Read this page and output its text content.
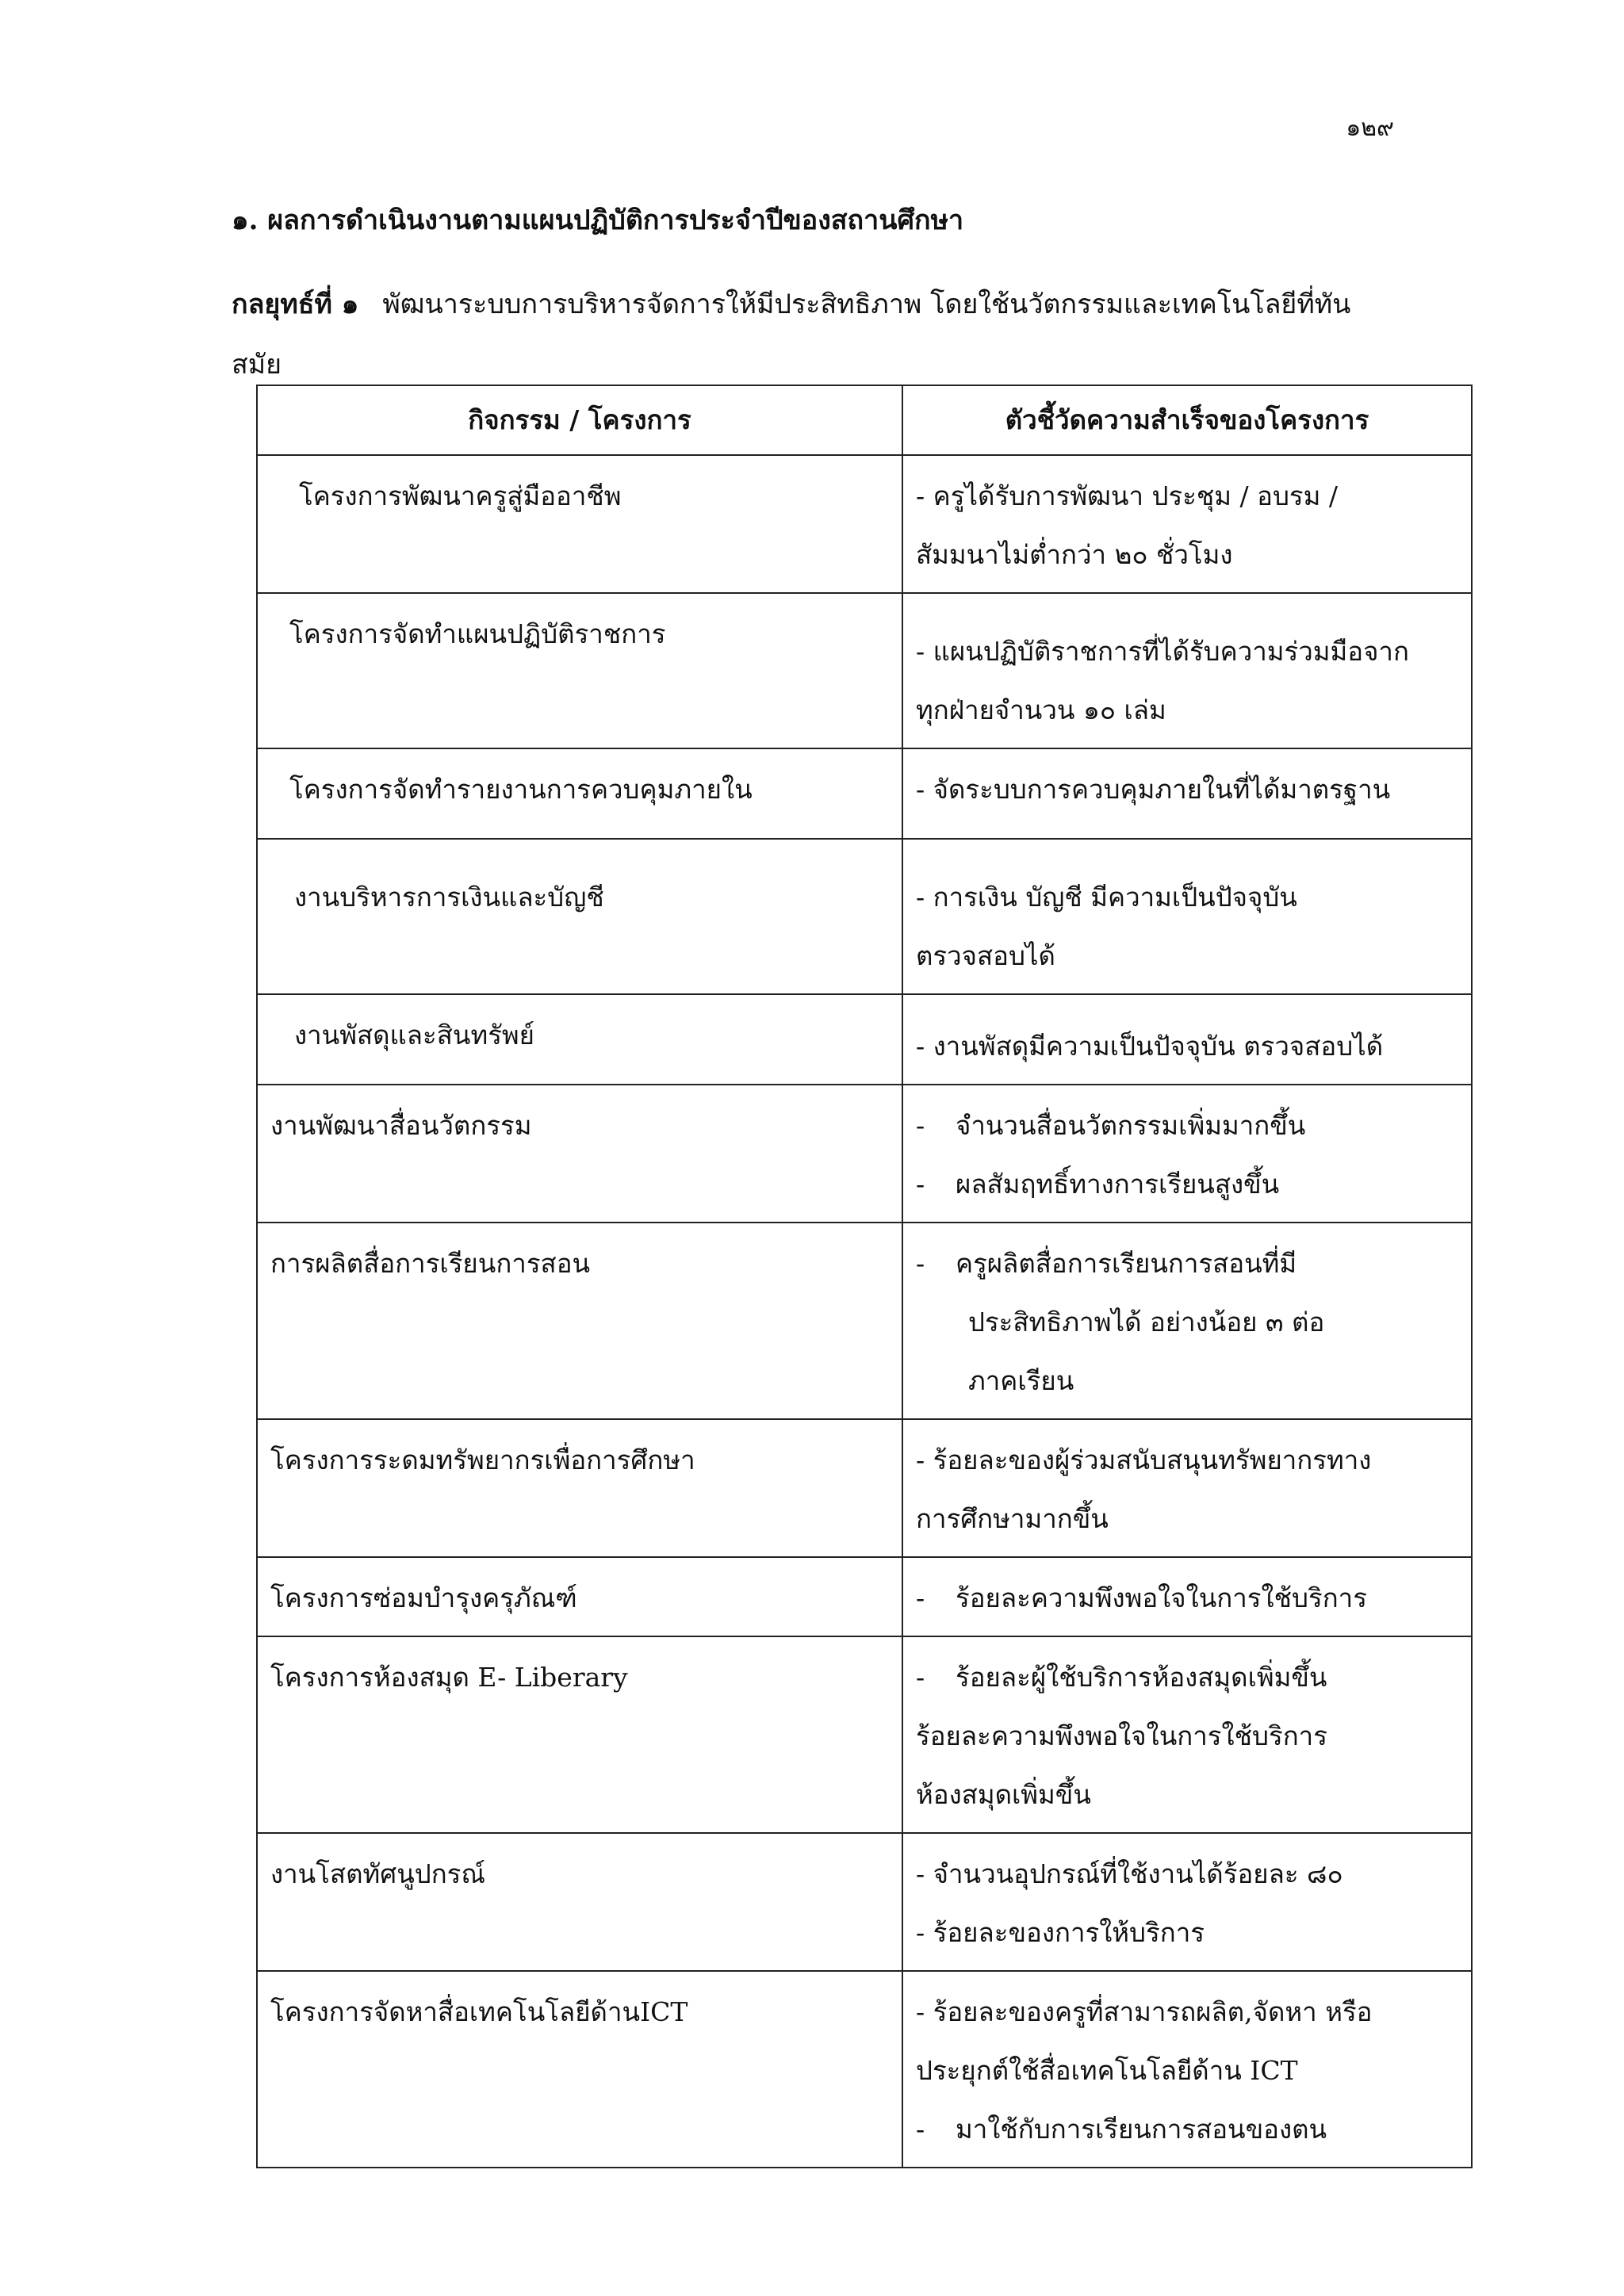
๑๒๙
๑. ผลการดำเนินงานตามแผนปฏิบัติการประจำปีของสถานศึกษา
กลยุทธ์ที่ ๑ พัฒนาระบบการบริหารจัดการให้มีประสิทธิภาพ โดยใช้นวัตกรรมและเทคโนโลยีที่ทันสมัย
กิจกรรม / โครงการ	ตัวชี้วัดความสำเร็จของโครงการ

โครงการพัฒนาครูสู่มืออาชีพ	- ครูได้รับการพัฒนา ประชุม / อบรม /
สัมมนาไม่ต่ำกว่า ๒๐ ชั่วโมง

โครงการจัดทำแผนปฏิบัติราชการ	- แผนปฏิบัติราชการที่ได้รับความร่วมมือจาก
ทุกฝ่ายจำนวน ๑๐ เล่ม

โครงการจัดทำรายงานการควบคุมภายใน	- จัดระบบการควบคุมภายในที่ได้มาตรฐาน

งานบริหารการเงินและบัญชี	- การเงิน บัญชี มีความเป็นปัจจุบัน
ตรวจสอบได้

งานพัสดุและสินทรัพย์	- งานพัสดุมีความเป็นปัจจุบัน ตรวจสอบได้

งานพัฒนาสื่อนวัตกรรม	- จำนวนสื่อนวัตกรรมเพิ่มมากขึ้น
- ผลสัมฤทธิ์ทางการเรียนสูงขึ้น

การผลิตสื่อการเรียนการสอน	- ครูผลิตสื่อการเรียนการสอนที่มี
ประสิทธิภาพได้ อย่างน้อย ๓ ต่อ
ภาคเรียน

โครงการระดมทรัพยากรเพื่อการศึกษา	- ร้อยละของผู้ร่วมสนับสนุนทรัพยากรทาง
การศึกษามากขึ้น

โครงการซ่อมบำรุงครุภัณฑ์	- ร้อยละความพึงพอใจในการใช้บริการ

โครงการห้องสมุด E- Liberary	- ร้อยละผู้ใช้บริการห้องสมุดเพิ่มขึ้น
ร้อยละความพึงพอใจในการใช้บริการ
ห้องสมุดเพิ่มขึ้น

งานโสตทัศนูปกรณ์	- จำนวนอุปกรณ์ที่ใช้งานได้ร้อยละ ๘๐
- ร้อยละของการให้บริการ

โครงการจัดหาสื่อเทคโนโลยีด้านICT	- ร้อยละของครูที่สามารถผลิต,จัดหา หรือ
ประยุกต์ใช้สื่อเทคโนโลยีด้าน ICT
- มาใช้กับการเรียนการสอนของตน
